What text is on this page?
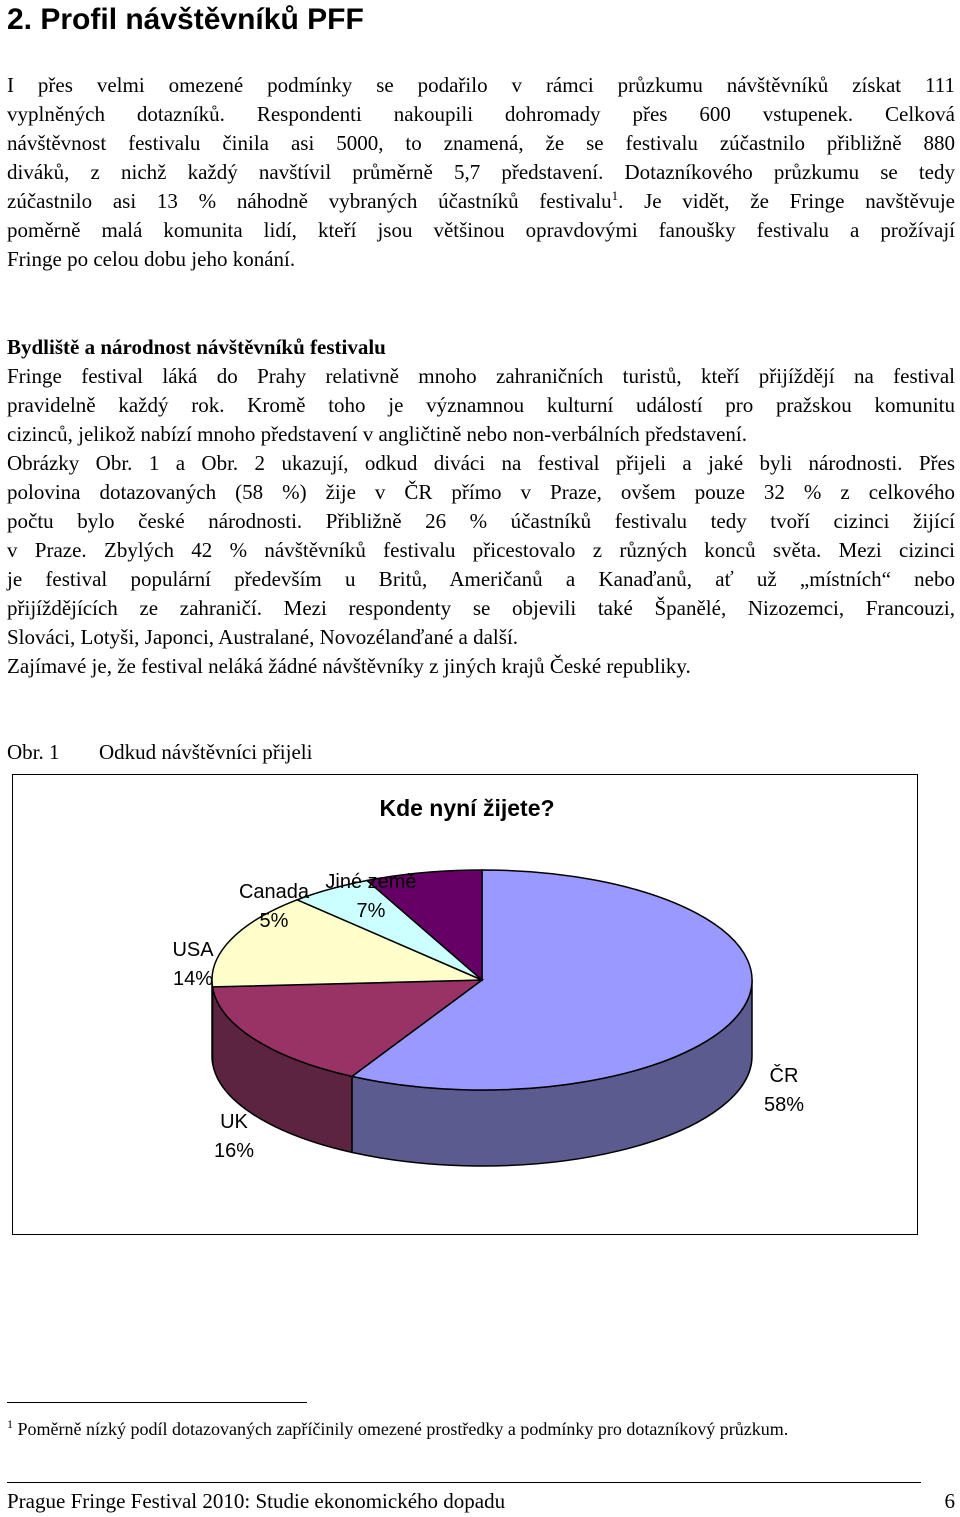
2. Profil návštěvníků PFF
I přes velmi omezené podmínky se podařilo v rámci průzkumu návštěvníků získat 111
vyplněných dotazníků. Respondenti nakoupili dohromady přes 600 vstupenek. Celková
návštěvnost festivalu činila asi 5000, to znamená, že se festivalu zúčastnilo přibližně 880
diváků, z nichž každý navštívil průměrně 5,7 představení. Dotazníkového průzkumu se tedy
zúčastnilo asi 13 % náhodně vybraných účastníků festivalu$^1$. Je vidět, že Fringe navštěvuje
poměrně malá komunita lidí, kteří jsou většinou opravdovými fanoušky festivalu a prožívají
Fringe po celou dobu jeho konání.
Bydliště a národnost návštěvníků festivalu
Fringe festival láká do Prahy relativně mnoho zahraničních turistů, kteří přijíždějí na festival
pravidelně každý rok. Kromě toho je významnou kulturní událostí pro pražskou komunitu
cizinců, jelikož nabízí mnoho představení v angličtině nebo non-verbálních představení.
Obrázky Obr. 1 a Obr. 2 ukazují, odkud diváci na festival přijeli a jaké byli národnosti. Přes
polovina dotazovaných (58 %) žije v ČR přímo v Praze, ovšem pouze 32 % z celkového
počtu bylo české národnosti. Přibližně 26 % účastníků festivalu tedy tvoří cizinci žijící
v Praze. Zbylých 42 % návštěvníků festivalu přicestovalo z různých konců světa. Mezi cizinci
je festival populární především u Britů, Američanů a Kanaďanů, ať už „místních“ nebo
přijíždějících ze zahraničí. Mezi respondenty se objevili také Španělé, Nizozemci, Francouzi,
Slováci, Lotyši, Japonci, Australané, Novozélanďané a další.
Zajímavé je, že festival neláká žádné návštěvníky z jiných krajů České republiky.
Obr. 1 Odkud návštěvníci přijeli
Kde nyní žijete?
ČR
58%
UK
16%
USA
14%
Canada
5%
Jiné země
7%
$^1$ Poměrně nízký podíl dotazovaných zapříčinily omezené prostředky a podmínky pro dotazníkový průzkum.
Prague Fringe Festival 2010: Studie ekonomického dopadu	6
